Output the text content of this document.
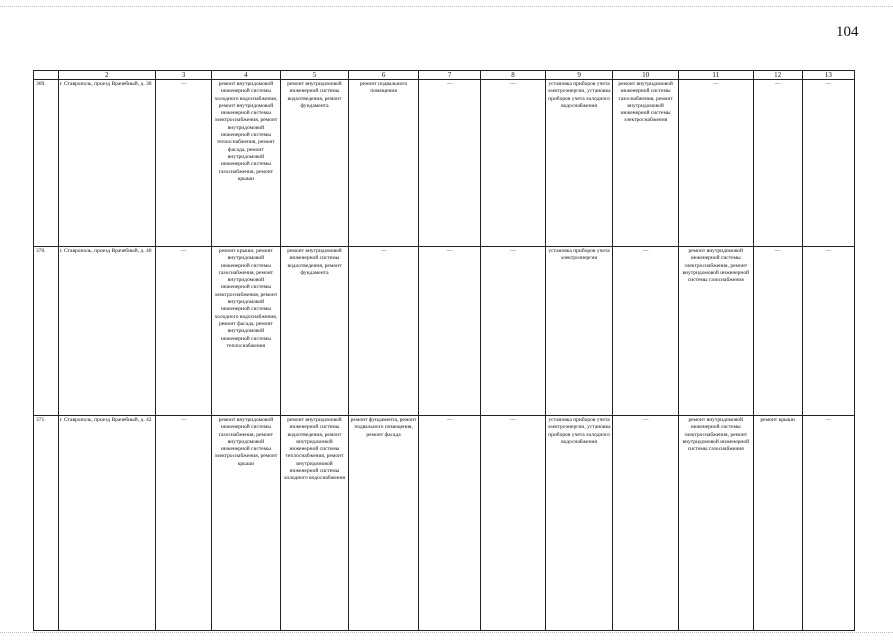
104
	2	3	4	5	6	7	8	9	10	11	12	13
369.	г. Ставрополь, проезд Врачебный, д. 38	—	ремонт внутридомовой инженерной системы холодного водоснабжения, ремонт внутридомовой инженерной системы электроснабжения, ремонт внутридомовой инженерной системы теплоснабжения, ремонт фасада, ремонт внутридомовой инженерной системы газоснабжения, ремонт крыши	ремонт внутридомовой инженерной системы водоотведения, ремонт фундамента	ремонт подвального помещения	—	—	установка приборов учета электроэнергии, установка приборов учета холодного водоснабжения	ремонт внутридомовой инженерной системы газоснабжения, ремонт внутридомовой инженерной системы электроснабжения	—	—	—
370.	г. Ставрополь, проезд Врачебный, д. 40	—	ремонт крыши, ремонт внутридомовой инженерной системы газоснабжения, ремонт внутридомовой инженерной системы электроснабжения, ремонт внутридомовой инженерной системы холодного водоснабжения, ремонт фасада, ремонт внутридомовой инженерной системы теплоснабжения	ремонт внутридомовой инженерной системы водоотведения, ремонт фундамента	—	—	—	установка приборов учета электроэнергии	—	ремонт внутридомовой инженерной системы электроснабжения, ремонт внутридомовой инженерной системы газоснабжения	—	—
371.	г. Ставрополь, проезд Врачебный, д. 42	—	ремонт внутридомовой инженерной системы газоснабжения, ремонт внутридомовой инженерной системы электроснабжения, ремонт крыши	ремонт внутридомовой инженерной системы водоотведения, ремонт внутридомовой инженерной системы теплоснабжения, ремонт внутридомовой инженерной системы холодного водоснабжения	ремонт фундамента, ремонт подвального помещения, ремонт фасада	—	—	установка приборов учета электроэнергии, установка приборов учета холодного водоснабжения	—	ремонт внутридомовой инженерной системы электроснабжения, ремонт внутридомовой инженерной системы газоснабжения	ремонт крыши	—
